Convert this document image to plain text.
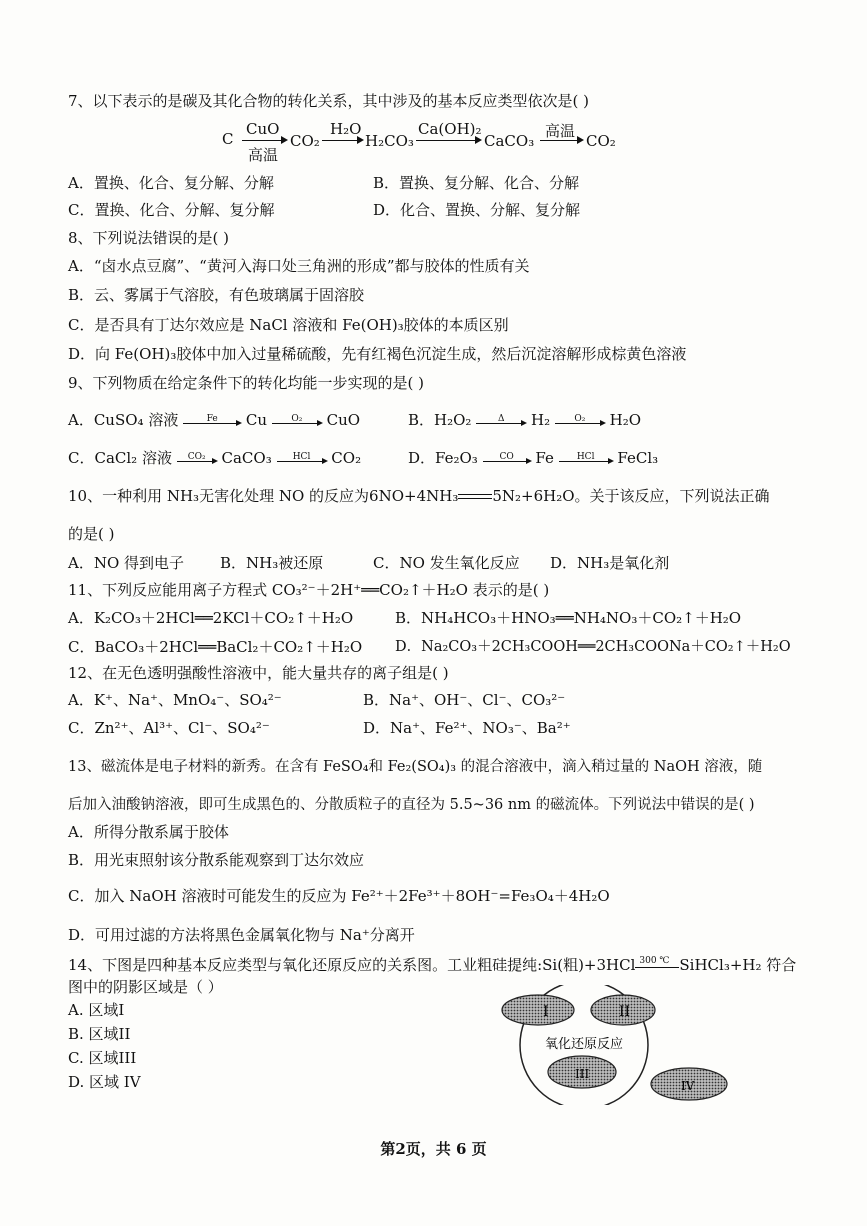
7、以下表示的是碳及其化合物的转化关系，其中涉及的基本反应类型依次是( )
C
CuO
高温
CO₂
H₂O
H₂CO₃
Ca(OH)₂
CaCO₃
高温
CO₂
A．置换、化合、复分解、分解	B．置换、复分解、化合、分解
C．置换、化合、分解、复分解	D．化合、置换、分解、复分解
8、下列说法错误的是( )
A．“卤水点豆腐”、“黄河入海口处三角洲的形成”都与胶体的性质有关
B．云、雾属于气溶胶，有色玻璃属于固溶胶
C．是否具有丁达尔效应是 NaCl 溶液和 Fe(OH)₃胶体的本质区别
D．向 Fe(OH)₃胶体中加入过量稀硫酸，先有红褐色沉淀生成，然后沉淀溶解形成棕黄色溶液
9、下列物质在给定条件下的转化均能一步实现的是( )
A．CuSO₄ 溶液	Fe	Cu	O₂	CuO	B．H₂O₂	Δ	H₂	O₂	H₂O
C．CaCl₂ 溶液	CO₂	CaCO₃	HCl	CO₂	D．Fe₂O₃	CO	Fe	HCl	FeCl₃
10、一种利用 NH₃无害化处理 NO 的反应为6NO+4NH₃ 5N₂+6H₂O。关于该反应，下列说法正确
的是( )
A．NO 得到电子 B．NH₃被还原	C．NO 发生氧化反应 D．NH₃是氧化剂
11、下列反应能用离子方程式 CO₃²⁻＋2H⁺══CO₂↑＋H₂O 表示的是( )
A．K₂CO₃＋2HCl══2KCl＋CO₂↑＋H₂O	B．NH₄HCO₃＋HNO₃══NH₄NO₃＋CO₂↑＋H₂O
C．BaCO₃＋2HCl══BaCl₂＋CO₂↑＋H₂O D．Na₂CO₃＋2CH₃COOH══2CH₃COONa＋CO₂↑＋H₂O
12、在无色透明强酸性溶液中，能大量共存的离子组是( )
A．K⁺、Na⁺、MnO₄⁻、SO₄²⁻	B．Na⁺、OH⁻、Cl⁻、CO₃²⁻
C．Zn²⁺、Al³⁺、Cl⁻、SO₄²⁻	D．Na⁺、Fe²⁺、NO₃⁻、Ba²⁺
13、磁流体是电子材料的新秀。在含有 FeSO₄和 Fe₂(SO₄)₃ 的混合溶液中，滴入稍过量的 NaOH 溶液，随
后加入油酸钠溶液，即可生成黑色的、分散质粒子的直径为 5.5~36 nm 的磁流体。下列说法中错误的是( )
A．所得分散系属于胶体
B．用光束照射该分散系能观察到丁达尔效应
C．加入 NaOH 溶液时可能发生的反应为 Fe²⁺＋2Fe³⁺＋8OH⁻=Fe₃O₄＋4H₂O
D．可用过滤的方法将黑色金属氧化物与 Na⁺分离开
14、下图是四种基本反应类型与氧化还原反应的关系图。工业粗硅提纯:Si(粗)+3HCl 300 ℃ SiHCl₃+H₂ 符合
图中的阴影区域是（ ）
A. 区域I
B. 区域II
C. 区域III
D. 区域 IV
I	II
III
IV
氧化还原反应
第2页，共 6 页
